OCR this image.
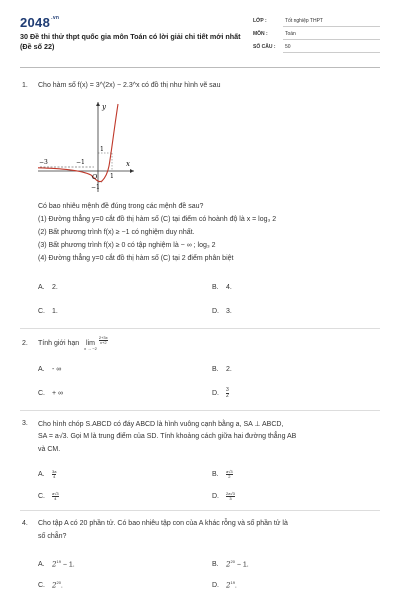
$2048^{.vn}$
30 Đề thi thử thpt quốc gia môn Toán có lời giải chi tiết mới nhất (Đề số 22)
LỚP :	Tốt nghiệp THPT
MÔN :	Toán
SỐ CÂU : 50
1. Cho hàm số f(x) = 3^(2x) − 2.3^x có đồ thị như hình vẽ sau
y
x
O
−3	−1
1
1
−1
Có bao nhiêu mệnh đề đúng trong các mệnh đề sau?
(1) Đường thẳng y=0 cắt đồ thị hàm số (C) tại điểm có hoành độ là x = log₃ 2
(2) Bất phương trình f(x) ≥ −1 có nghiệm duy nhất.
(3) Bất phương trình f(x) ≥ 0 có tập nghiệm là − ∞ ; log₃ 2
(4) Đường thẳng y=0 cắt đồ thị hàm số (C) tại 2 điểm phân biệt
A. 2.	B. 4.
C. 1.	D. 3.
2. Tính giới hạn lim
x → −2

$\frac{2+3x}{x+2}$
A. - ∞	B. 2.
C. + ∞	D. $\frac{3}{2}$
3. Cho hình chóp S.ABCD có đáy ABCD là hình vuông cạnh bằng a, SA ⊥ ABCD,
SA = a√3. Gọi M là trung điểm của SD. Tính khoảng cách giữa hai đường thẳng AB
và CM.
A. $\frac{3a}{4}$	B. $\frac{a√3}{2}$
C. $\frac{a√3}{4}$	D. $\frac{2a√3}{3}$
4. Cho tập A có 20 phần tử. Có bao nhiêu tập con của A khác rỗng và số phần tử là
số chẵn?
A. $2^{19} - 1$.	B. $2^{20} - 1$.
C. $2^{20}$.	D. $2^{19}$.
